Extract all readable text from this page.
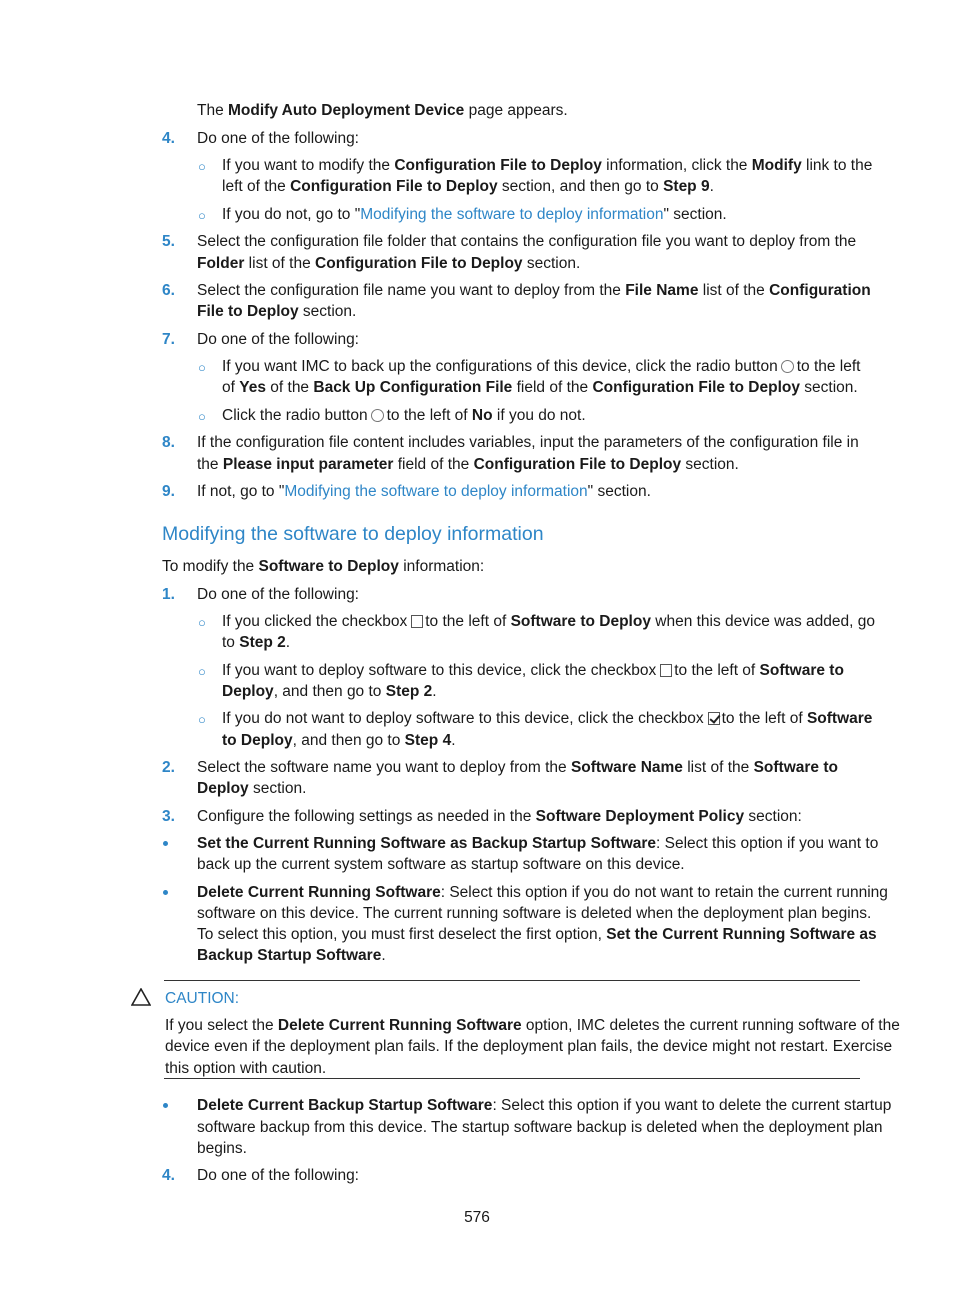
The Modify Auto Deployment Device page appears.
4. Do one of the following:
○ If you want to modify the Configuration File to Deploy information, click the Modify link to the
left of the Configuration File to Deploy section, and then go to Step 9.
○ If you do not, go to "Modifying the software to deploy information" section.
5. Select the configuration file folder that contains the configuration file you want to deploy from the
Folder list of the Configuration File to Deploy section.
6. Select the configuration file name you want to deploy from the File Name list of the Configuration
File to Deploy section.
7. Do one of the following:
○ If you want IMC to back up the configurations of this device, click the radio button to the left
of Yes of the Back Up Configuration File field of the Configuration File to Deploy section.
○ Click the radio button to the left of No if you do not.
8. If the configuration file content includes variables, input the parameters of the configuration file in
the Please input parameter field of the Configuration File to Deploy section.
9. If not, go to "Modifying the software to deploy information" section.
Modifying the software to deploy information
To modify the Software to Deploy information:
1. Do one of the following:
○ If you clicked the checkbox to the left of Software to Deploy when this device was added, go
to Step 2.
○ If you want to deploy software to this device, click the checkbox to the left of Software to
Deploy, and then go to Step 2.
○ If you do not want to deploy software to this device, click the checkbox to the left of Software
to Deploy, and then go to Step 4.
2. Select the software name you want to deploy from the Software Name list of the Software to
Deploy section.
3. Configure the following settings as needed in the Software Deployment Policy section:
Set the Current Running Software as Backup Startup Software: Select this option if you want to
back up the current system software as startup software on this device.
Delete Current Running Software: Select this option if you do not want to retain the current running
software on this device. The current running software is deleted when the deployment plan begins.
To select this option, you must first deselect the first option, Set the Current Running Software as
Backup Startup Software.
CAUTION:
If you select the Delete Current Running Software option, IMC deletes the current running software of the
device even if the deployment plan fails. If the deployment plan fails, the device might not restart. Exercise
this option with caution.
Delete Current Backup Startup Software: Select this option if you want to delete the current startup
software backup from this device. The startup software backup is deleted when the deployment plan
begins.
4. Do one of the following:
576
